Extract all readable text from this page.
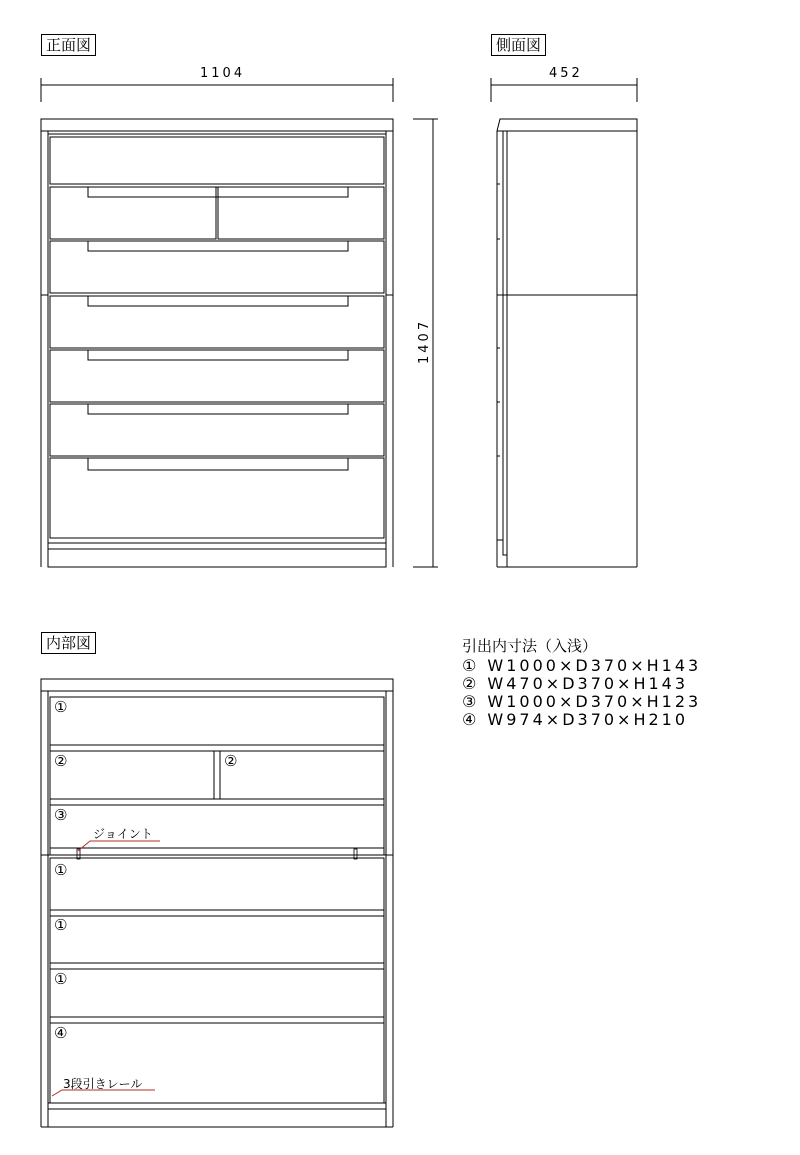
正面図	側面図
内部図
1104	452
1407
①
②	②
③
①
①
①
④
ジョイント
3段引きレール
引出内寸法（入浅）
① W1000×D370×H143
② W470×D370×H143
③ W1000×D370×H123
④ W974×D370×H210
